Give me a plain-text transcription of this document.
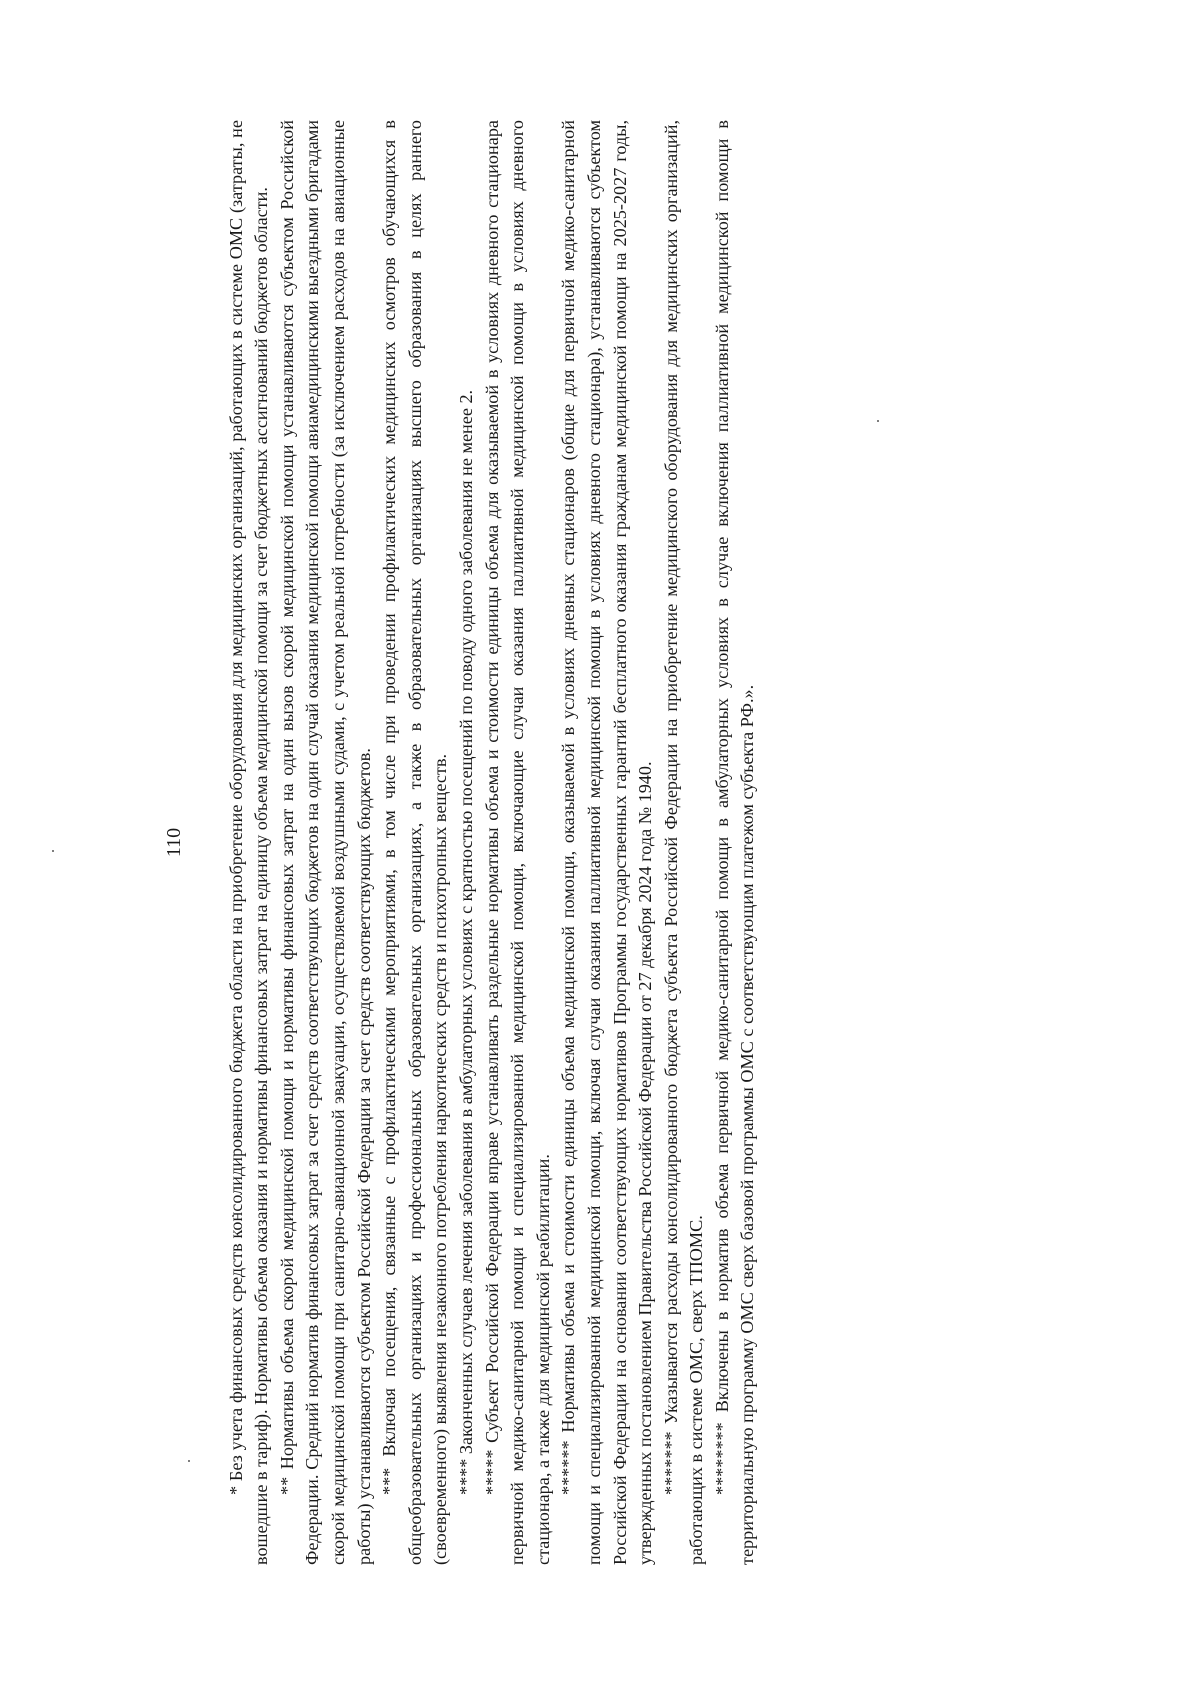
110 * Без учета финансовых средств консолидированного бюджета области на приобретение оборудования для медицинских организаций, работающих в системе ОМС (затраты, не вошедшие в тариф). Нормативы объема оказания и нормативы финансовых затрат на единицу объема медицинской помощи за счет бюджетных ассигнований бюджетов области. ** Нормативы объема скорой медицинской помощи и нормативы финансовых затрат на один вызов скорой медицинской помощи устанавливаются субъектом Российской Федерации. Средний норматив финансовых затрат за счет средств соответствующих бюджетов на один случай оказания медицинской помощи авиамедицинскими выездными бригадами скорой медицинской помощи при санитарно-авиационной эвакуации, осуществляемой воздушными судами, с учетом реальной потребности (за исключением расходов на авиационные работы) устанавливаются субъектом Российской Федерации за счет средств соответствующих бюджетов. *** Включая посещения, связанные с профилактическими мероприятиями, в том числе при проведении профилактических медицинских осмотров обучающихся в общеобразовательных организациях и профессиональных образовательных организациях, а также в образовательных организациях высшего образования в целях раннего (своевременного) выявления незаконного потребления наркотических средств и психотропных веществ. **** Законченных случаев лечения заболевания в амбулаторных условиях с кратностью посещений по поводу одного заболевания не менее 2. ***** Субъект Российской Федерации вправе устанавливать раздельные нормативы объема и стоимости единицы объема для оказываемой в условиях дневного стационара первичной медико-санитарной помощи и специализированной медицинской помощи, включающие случаи оказания паллиативной медицинской помощи в условиях дневного стационара, а также для медицинской реабилитации. ****** Нормативы объема и стоимости единицы объема медицинской помощи, оказываемой в условиях дневных стационаров (общие для первичной медико-санитарной помощи и специализированной медицинской помощи, включая случаи оказания паллиативной медицинской помощи в условиях дневного стационара), устанавливаются субъектом Российской Федерации на основании соответствующих нормативов Программы государственных гарантий бесплатного оказания гражданам медицинской помощи на 2025-2027 годы, утвержденных постановлением Правительства Российской Федерации от 27 декабря 2024 года № 1940. ******* Указываются расходы консолидированного бюджета субъекта Российской Федерации на приобретение медицинского оборудования для медицинских организаций, работающих в системе ОМС, сверх ТПОМС. ******** Включены в норматив объема первичной медико-санитарной помощи в амбулаторных условиях в случае включения паллиативной медицинской помощи в территориальную программу ОМС сверх базовой программы ОМС с соответствующим платежом субъекта РФ.».
